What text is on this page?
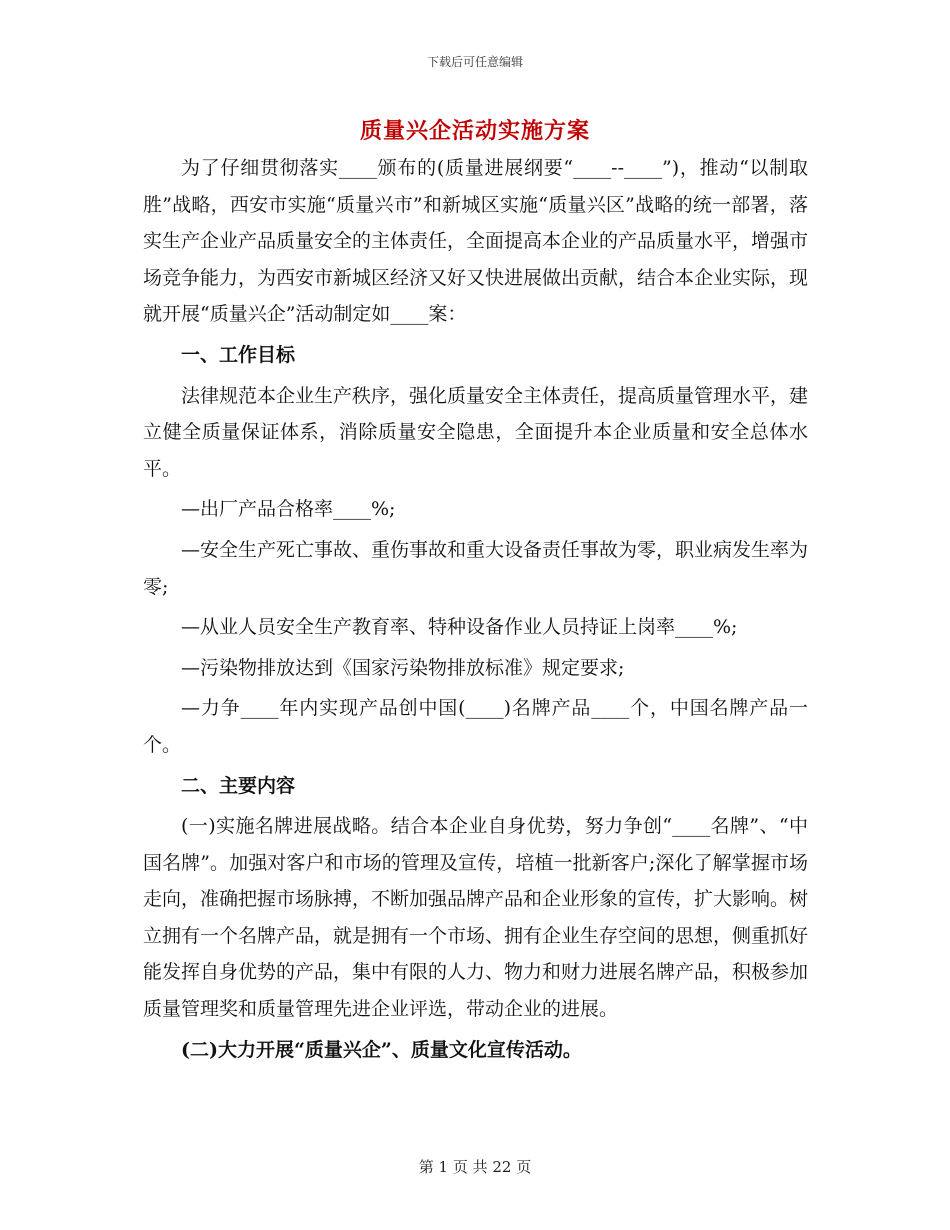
下载后可任意编辑
质量兴企活动实施方案

为了仔细贯彻落实____颁布的(质量进展纲要“____--____”)，推动“以制取胜”战略，西安市实施“质量兴市”和新城区实施“质量兴区”战略的统一部署，落实生产企业产品质量安全的主体责任，全面提高本企业的产品质量水平，增强市场竞争能力，为西安市新城区经济又好又快进展做出贡献，结合本企业实际，现就开展“质量兴企”活动制定如____案：

一、工作目标

法律规范本企业生产秩序，强化质量安全主体责任，提高质量管理水平，建立健全质量保证体系，消除质量安全隐患，全面提升本企业质量和安全总体水平。

—出厂产品合格率____%;

—安全生产死亡事故、重伤事故和重大设备责任事故为零，职业病发生率为零;

—从业人员安全生产教育率、特种设备作业人员持证上岗率____%;

—污染物排放达到《国家污染物排放标准》规定要求;

—力争____年内实现产品创中国(____)名牌产品____个，中国名牌产品一个。

二、主要内容

(一)实施名牌进展战略。结合本企业自身优势，努力争创“____名牌”、“中国名牌”。加强对客户和市场的管理及宣传，培植一批新客户;深化了解掌握市场走向，准确把握市场脉搏，不断加强品牌产品和企业形象的宣传，扩大影响。树立拥有一个名牌产品，就是拥有一个市场、拥有企业生存空间的思想，侧重抓好能发挥自身优势的产品，集中有限的人力、物力和财力进展名牌产品，积极参加质量管理奖和质量管理先进企业评选，带动企业的进展。

(二)大力开展“质量兴企”、质量文化宣传活动。

第 1 页 共 22 页
